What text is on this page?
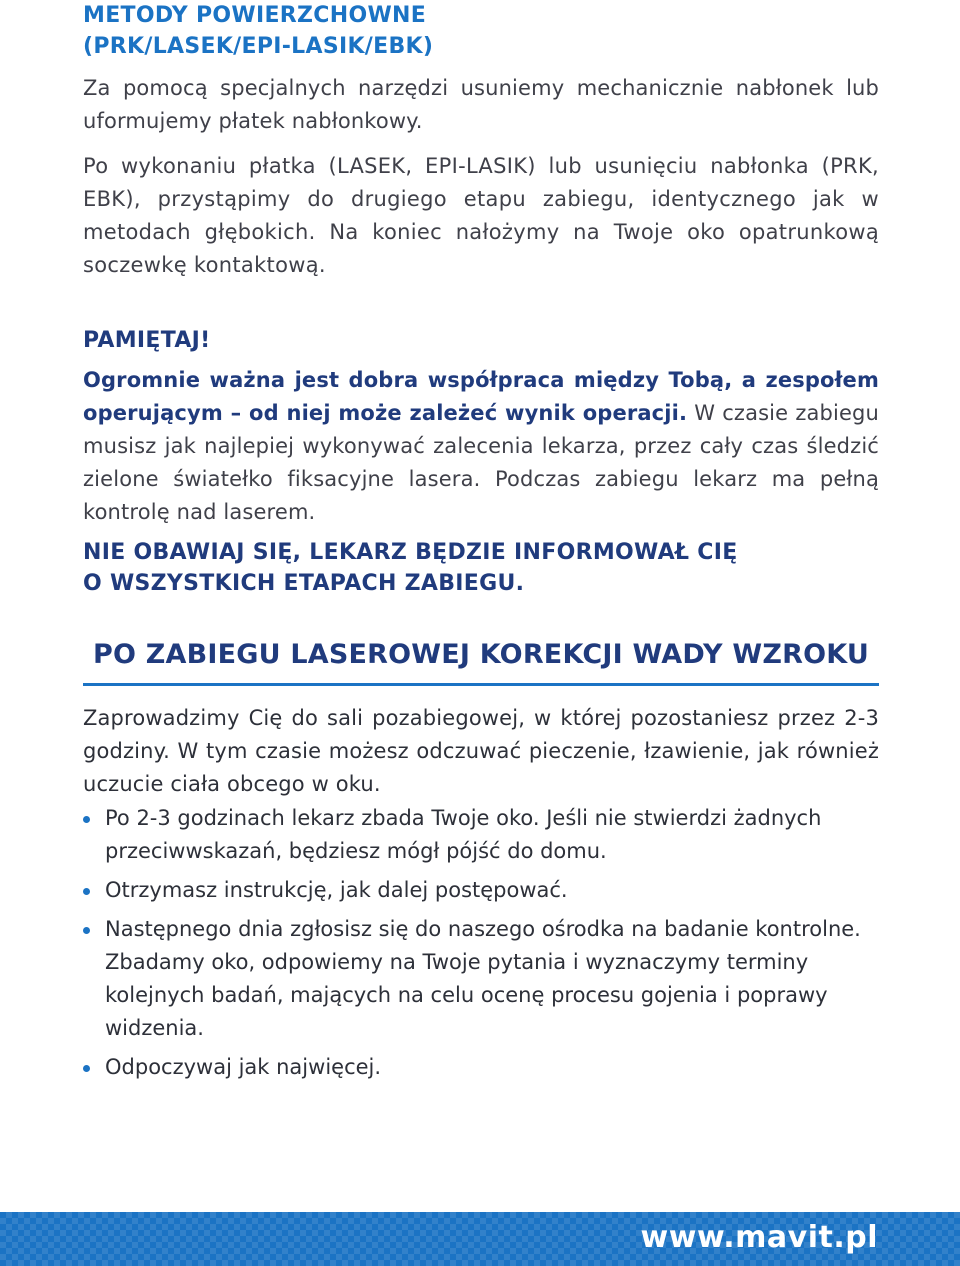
METODY POWIERZCHOWNE
(PRK/LASEK/EPI-LASIK/EBK)

Za pomocą specjalnych narzędzi usuniemy mechanicznie nabłonek lub uformujemy płatek nabłonkowy.

Po wykonaniu płatka (LASEK, EPI-LASIK) lub usunięciu nabłonka (PRK, EBK), przystąpimy do drugiego etapu zabiegu, identycznego jak w metodach głębokich. Na koniec nałożymy na Twoje oko opatrunkową soczewkę kontaktową.

PAMIĘTAJ!

Ogromnie ważna jest dobra współpraca między Tobą, a zespołem operującym – od niej może zależeć wynik operacji. W czasie zabiegu musisz jak najlepiej wykonywać zalecenia lekarza, przez cały czas śledzić zielone światełko fiksacyjne lasera. Podczas zabiegu lekarz ma pełną kontrolę nad laserem.

NIE OBAWIAJ SIĘ, LEKARZ BĘDZIE INFORMOWAŁ CIĘ
O WSZYSTKICH ETAPACH ZABIEGU.
PO ZABIEGU LASEROWEJ KOREKCJI WADY WZROKU

Zaprowadzimy Cię do sali pozabiegowej, w której pozostaniesz przez 2-3 godziny. W tym czasie możesz odczuwać pieczenie, łzawienie, jak również uczucie ciała obcego w oku.

Po 2-3 godzinach lekarz zbada Twoje oko. Jeśli nie stwierdzi żadnych przeciwwskazań, będziesz mógł pójść do domu.
Otrzymasz instrukcję, jak dalej postępować.
Następnego dnia zgłosisz się do naszego ośrodka na badanie kontrolne. Zbadamy oko, odpowiemy na Twoje pytania i wyznaczymy terminy kolejnych badań, mających na celu ocenę procesu gojenia i poprawy widzenia.
Odpoczywaj jak najwięcej.
www.mavit.pl
